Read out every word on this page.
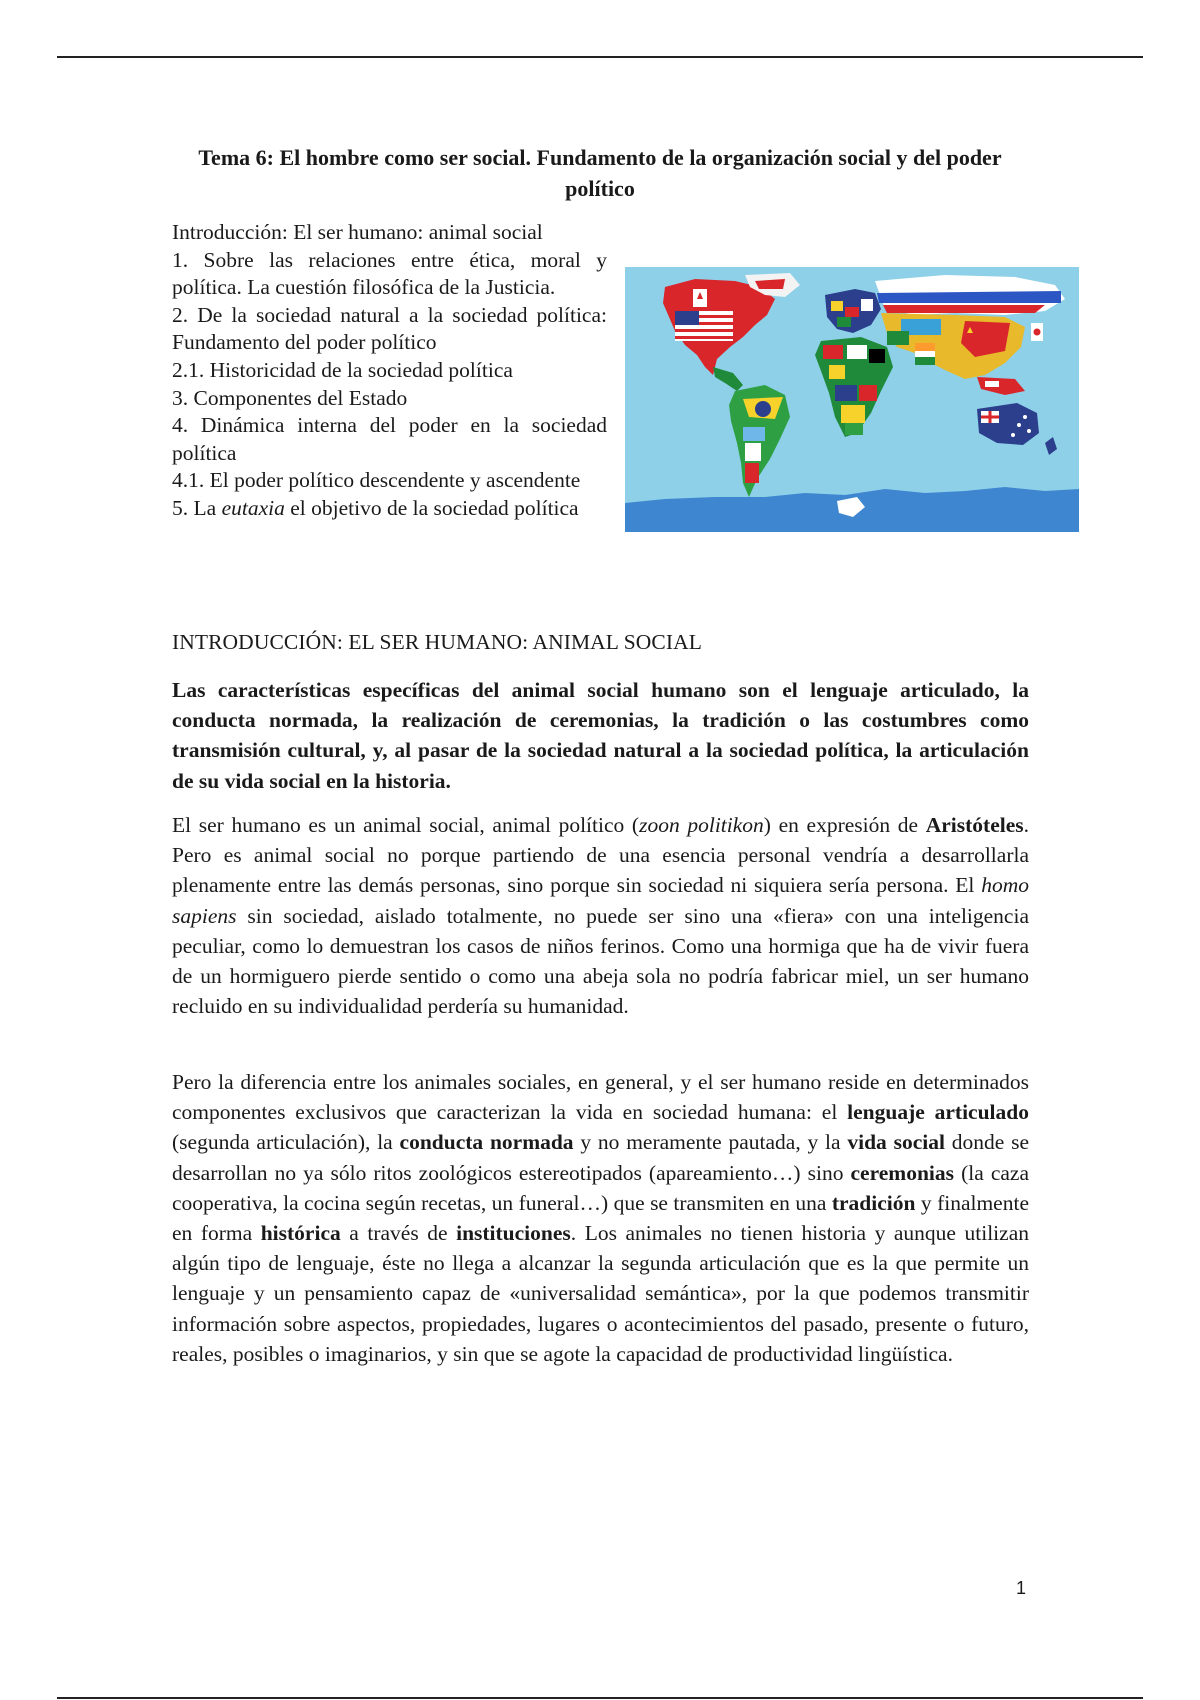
Tema 6: El hombre como ser social. Fundamento de la organización social y del poder político

Introducción: El ser humano: animal social

1. Sobre las relaciones entre ética, moral y política. La cuestión filosófica de la Justicia.

2. De la sociedad natural a la sociedad política: Fundamento del poder político

2.1. Historicidad de la sociedad política

3. Componentes del Estado

4. Dinámica interna del poder en la sociedad política

4.1. El poder político descendente y ascendente

5. La eutaxia el objetivo de la sociedad política

INTRODUCCIÓN: EL SER HUMANO: ANIMAL SOCIAL

Las características específicas del animal social humano son el lenguaje articulado, la conducta normada, la realización de ceremonias, la tradición o las costumbres como transmisión cultural, y, al pasar de la sociedad natural a la sociedad política, la articulación de su vida social en la historia.

El ser humano es un animal social, animal político (zoon politikon) en expresión de Aristóteles. Pero es animal social no porque partiendo de una esencia personal vendría a desarrollarla plenamente entre las demás personas, sino porque sin sociedad ni siquiera sería persona. El homo sapiens sin sociedad, aislado totalmente, no puede ser sino una «fiera» con una inteligencia peculiar, como lo demuestran los casos de niños ferinos. Como una hormiga que ha de vivir fuera de un hormiguero pierde sentido o como una abeja sola no podría fabricar miel, un ser humano recluido en su individualidad perdería su humanidad.

Pero la diferencia entre los animales sociales, en general, y el ser humano reside en determinados componentes exclusivos que caracterizan la vida en sociedad humana: el lenguaje articulado (segunda articulación), la conducta normada y no meramente pautada, y la vida social donde se desarrollan no ya sólo ritos zoológicos estereotipados (apareamiento…) sino ceremonias (la caza cooperativa, la cocina según recetas, un funeral…) que se transmiten en una tradición y finalmente en forma histórica a través de instituciones. Los animales no tienen historia y aunque utilizan algún tipo de lenguaje, éste no llega a alcanzar la segunda articulación que es la que permite un lenguaje y un pensamiento capaz de «universalidad semántica», por la que podemos transmitir información sobre aspectos, propiedades, lugares o acontecimientos del pasado, presente o futuro, reales, posibles o imaginarios, y sin que se agote la capacidad de productividad lingüística.

1
